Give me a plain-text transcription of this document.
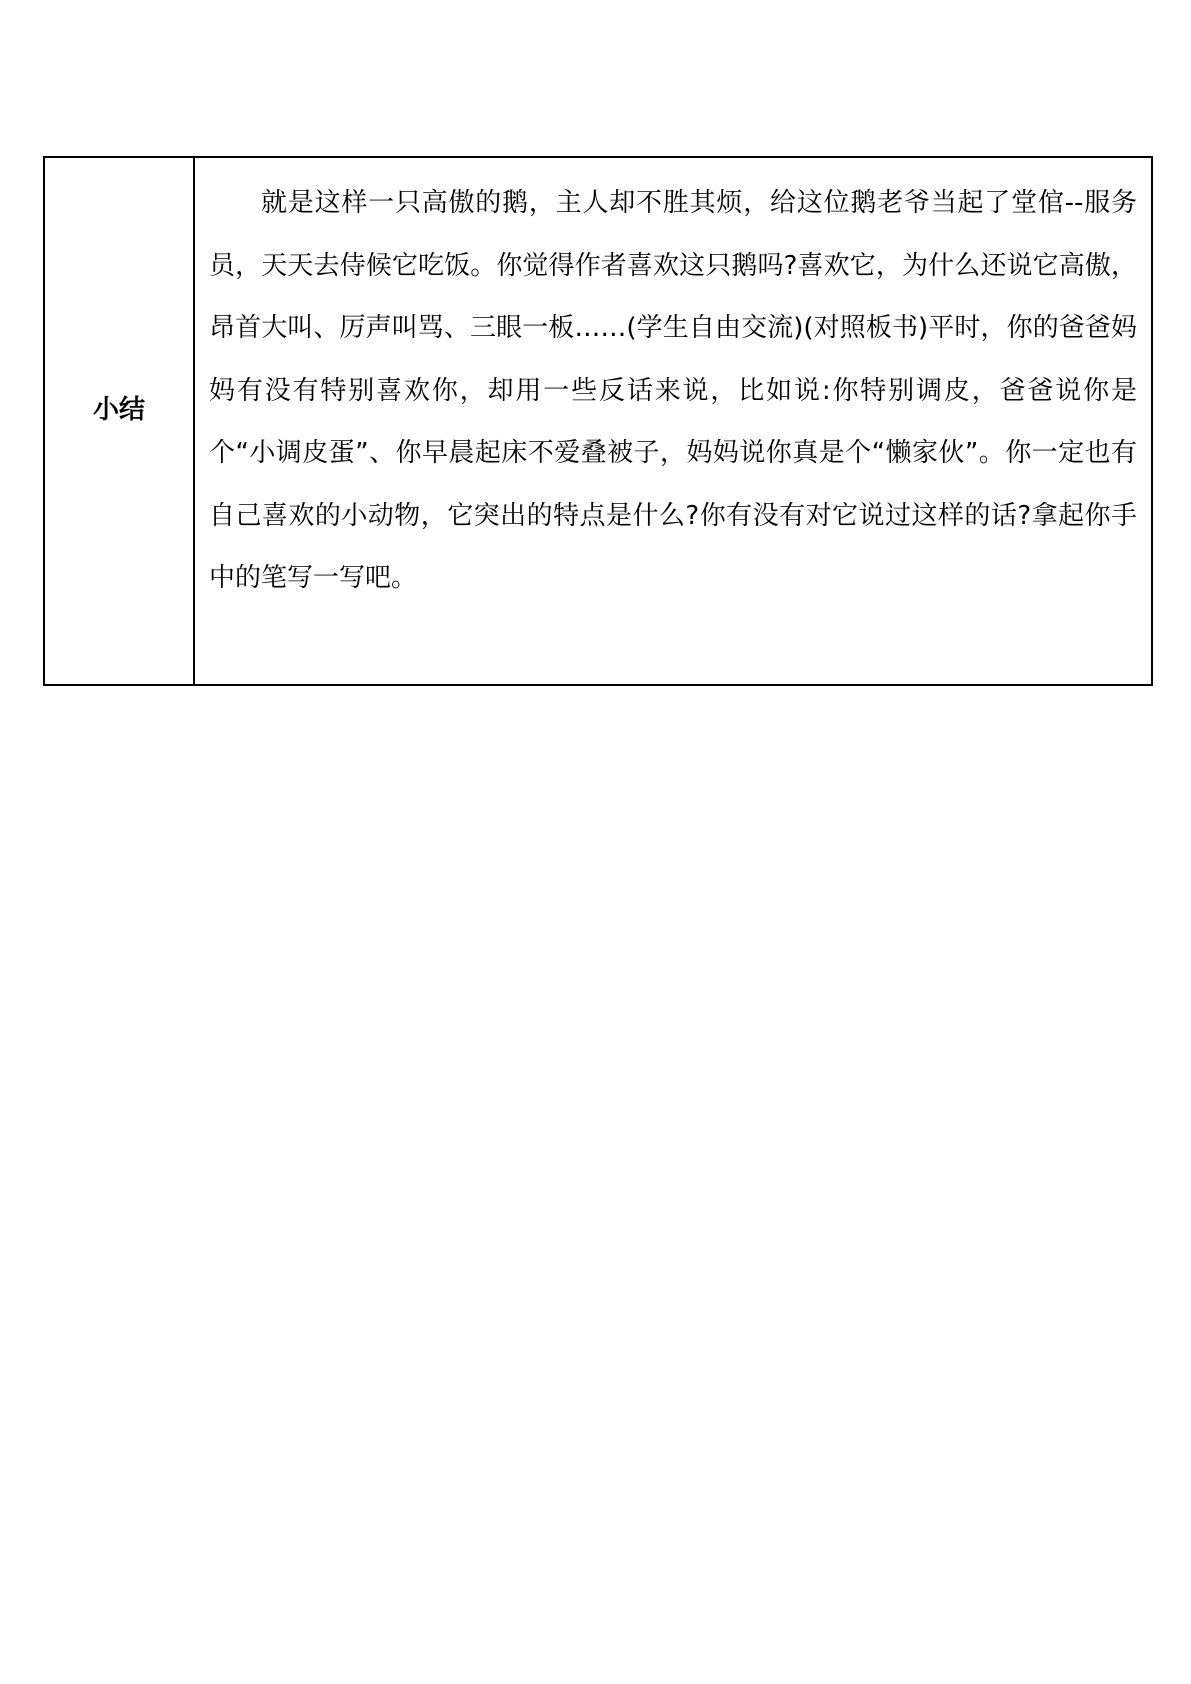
小结	

就是这样一只高傲的鹅，主人却不胜其烦，给这位鹅老爷当起了堂倌--服务员，天天去侍候它吃饭。你觉得作者喜欢这只鹅吗?喜欢它，为什么还说它高傲，昂首大叫、厉声叫骂、三眼一板……(学生自由交流)(对照板书)平时，你的爸爸妈妈有没有特别喜欢你，却用一些反话来说，比如说:你特别调皮，爸爸说你是个“小调皮蛋”、你早晨起床不爱叠被子，妈妈说你真是个“懒家伙”。你一定也有自己喜欢的小动物，它突出的特点是什么?你有没有对它说过这样的话?拿起你手中的笔写一写吧。
